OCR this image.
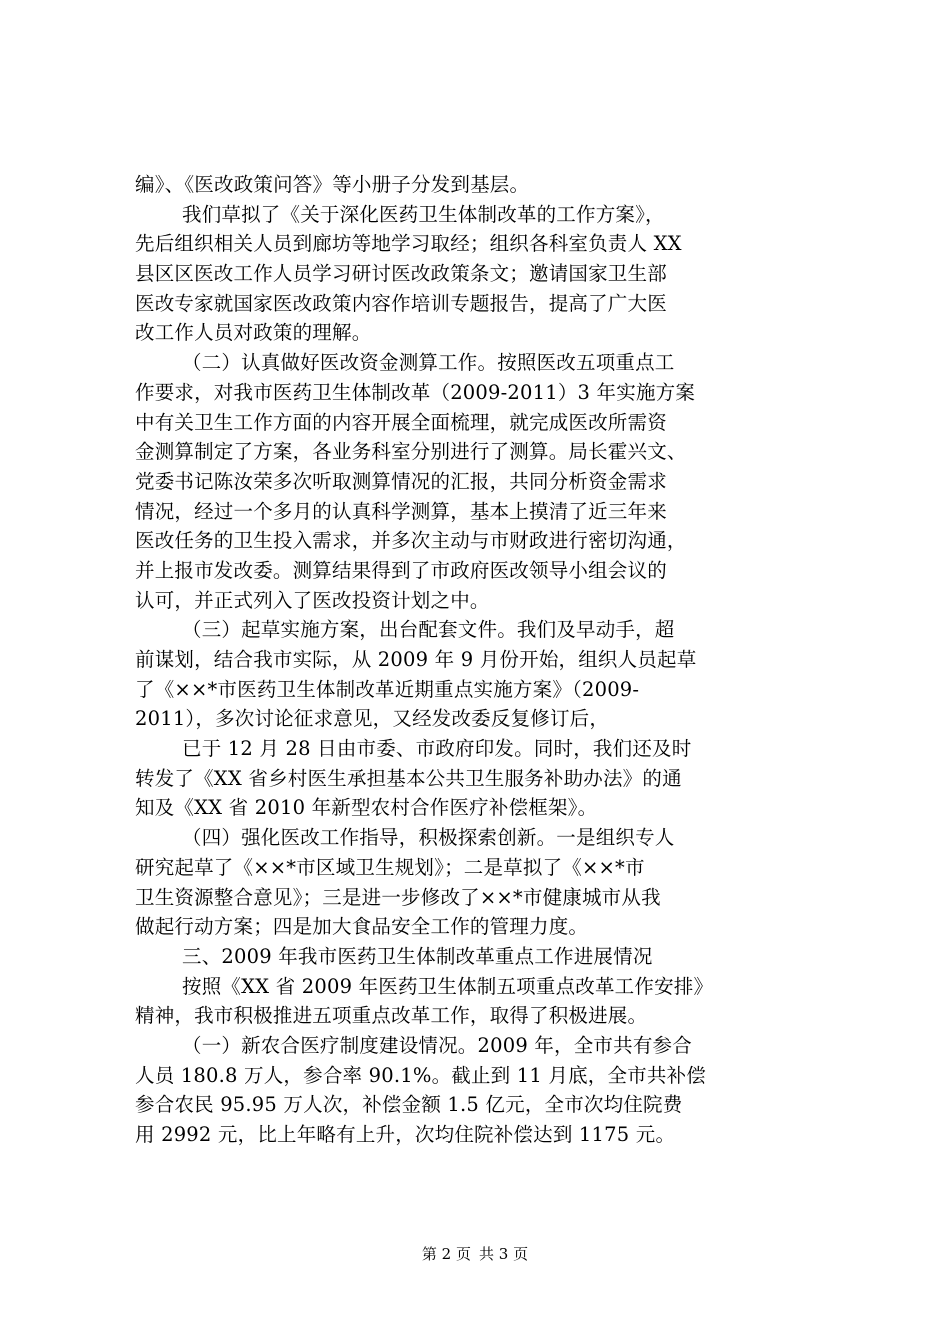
编》、《医改政策问答》等小册子分发到基层。
我们草拟了《关于深化医药卫生体制改革的工作方案》，
先后组织相关人员到廊坊等地学习取经；组织各科室负责人 XX
县区区医改工作人员学习研讨医改政策条文；邀请国家卫生部
医改专家就国家医改政策内容作培训专题报告，提高了广大医
改工作人员对政策的理解。
（二）认真做好医改资金测算工作。按照医改五项重点工
作要求，对我市医药卫生体制改革（2009-2011）3 年实施方案
中有关卫生工作方面的内容开展全面梳理，就完成医改所需资
金测算制定了方案，各业务科室分别进行了测算。局长霍兴文、
党委书记陈汝荣多次听取测算情况的汇报，共同分析资金需求
情况，经过一个多月的认真科学测算，基本上摸清了近三年来
医改任务的卫生投入需求，并多次主动与市财政进行密切沟通，
并上报市发改委。测算结果得到了市政府医改领导小组会议的
认可，并正式列入了医改投资计划之中。
（三）起草实施方案，出台配套文件。我们及早动手，超
前谋划，结合我市实际，从 2009 年 9 月份开始，组织人员起草
了《××*市医药卫生体制改革近期重点实施方案》（2009-
2011），多次讨论征求意见，又经发改委反复修订后，
已于 12 月 28 日由市委、市政府印发。同时，我们还及时
转发了《XX 省乡村医生承担基本公共卫生服务补助办法》的通
知及《XX 省 2010 年新型农村合作医疗补偿框架》。
（四）强化医改工作指导，积极探索创新。一是组织专人
研究起草了《××*市区域卫生规划》；二是草拟了《××*市
卫生资源整合意见》；三是进一步修改了××*市健康城市从我
做起行动方案；四是加大食品安全工作的管理力度。
三、2009 年我市医药卫生体制改革重点工作进展情况
按照《XX 省 2009 年医药卫生体制五项重点改革工作安排》
精神，我市积极推进五项重点改革工作，取得了积极进展。
（一）新农合医疗制度建设情况。2009 年，全市共有参合
人员 180.8 万人，参合率 90.1%。截止到 11 月底，全市共补偿
参合农民 95.95 万人次，补偿金额 1.5 亿元，全市次均住院费
用 2992 元，比上年略有上升，次均住院补偿达到 1175 元。
第 2 页 共 3 页
